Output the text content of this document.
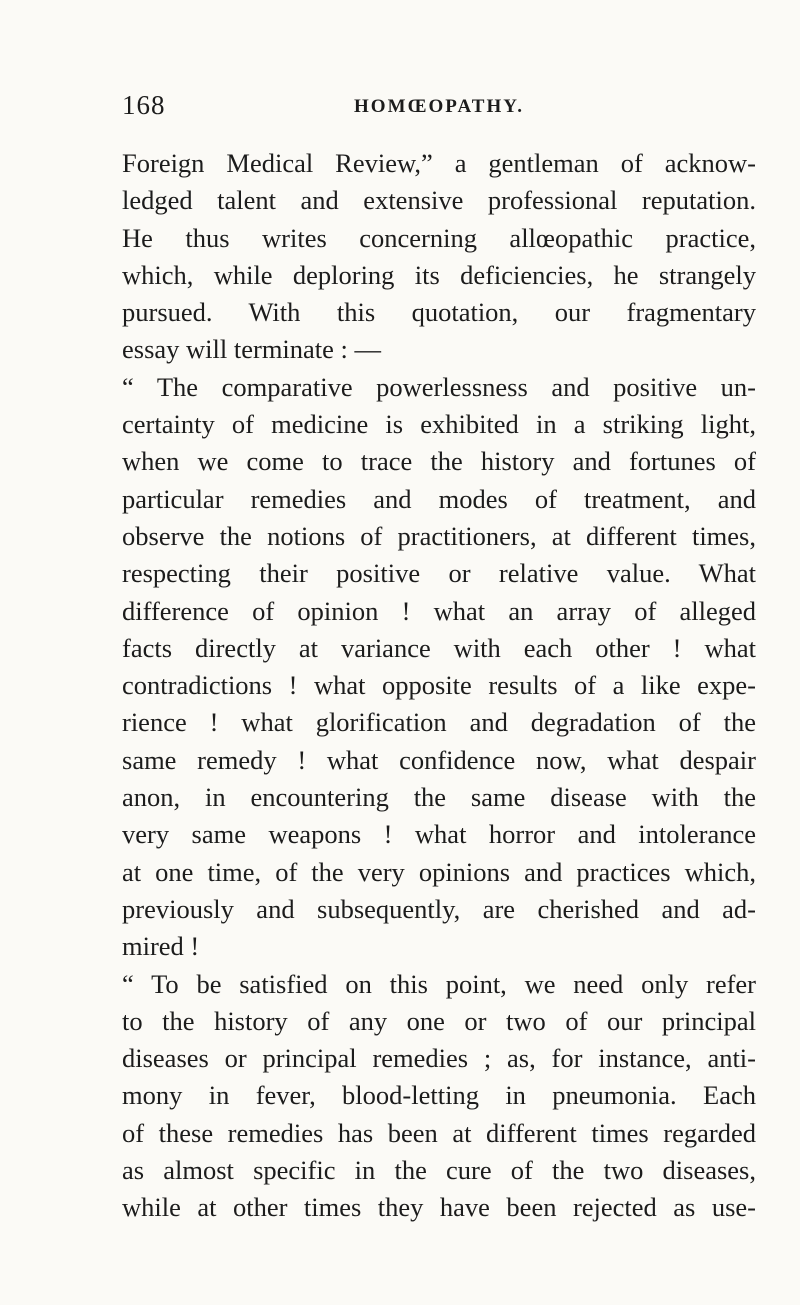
168	HOMŒOPATHY.
Foreign Medical Review,” a gentleman of acknow-
ledged talent and extensive professional reputation.
He thus writes concerning allœopathic practice,
which, while deploring its deficiencies, he strangely
pursued. With this quotation, our fragmentary
essay will terminate : —
“ The comparative powerlessness and positive un-
certainty of medicine is exhibited in a striking light,
when we come to trace the history and fortunes of
particular remedies and modes of treatment, and
observe the notions of practitioners, at different times,
respecting their positive or relative value. What
difference of opinion ! what an array of alleged
facts directly at variance with each other ! what
contradictions ! what opposite results of a like expe-
rience ! what glorification and degradation of the
same remedy ! what confidence now, what despair
anon, in encountering the same disease with the
very same weapons ! what horror and intolerance
at one time, of the very opinions and practices which,
previously and subsequently, are cherished and ad-
mired !
“ To be satisfied on this point, we need only refer
to the history of any one or two of our principal
diseases or principal remedies ; as, for instance, anti-
mony in fever, blood-letting in pneumonia. Each
of these remedies has been at different times regarded
as almost specific in the cure of the two diseases,
while at other times they have been rejected as use-
